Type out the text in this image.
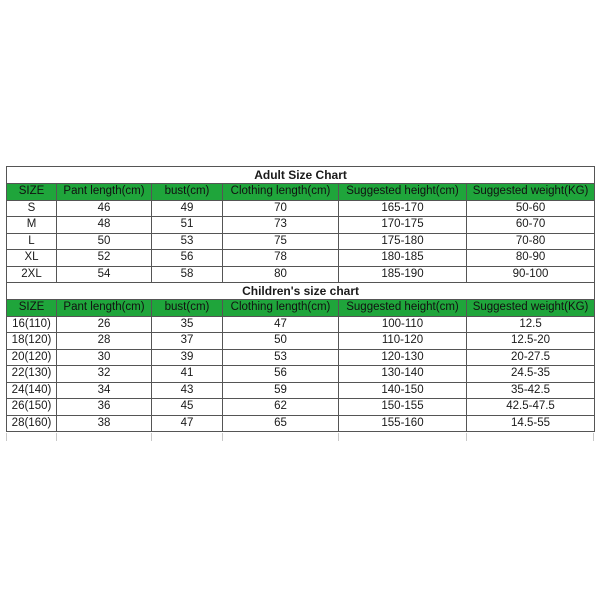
Adult Size Chart					
SIZE	Pant length(cm)	bust(cm)	Clothing length(cm)	Suggested height(cm)	Suggested weight(KG)
S	46	49	70	165-170	50-60
M	48	51	73	170-175	60-70
L	50	53	75	175-180	70-80
XL	52	56	78	180-185	80-90
2XL	54	58	80	185-190	90-100
Children's size chart					
SIZE	Pant length(cm)	bust(cm)	Clothing length(cm)	Suggested height(cm)	Suggested weight(KG)
16(110)	26	35	47	100-110	12.5
18(120)	28	37	50	110-120	12.5-20
20(120)	30	39	53	120-130	20-27.5
22(130)	32	41	56	130-140	24.5-35
24(140)	34	43	59	140-150	35-42.5
26(150)	36	45	62	150-155	42.5-47.5
28(160)	38	47	65	155-160	14.5-55
